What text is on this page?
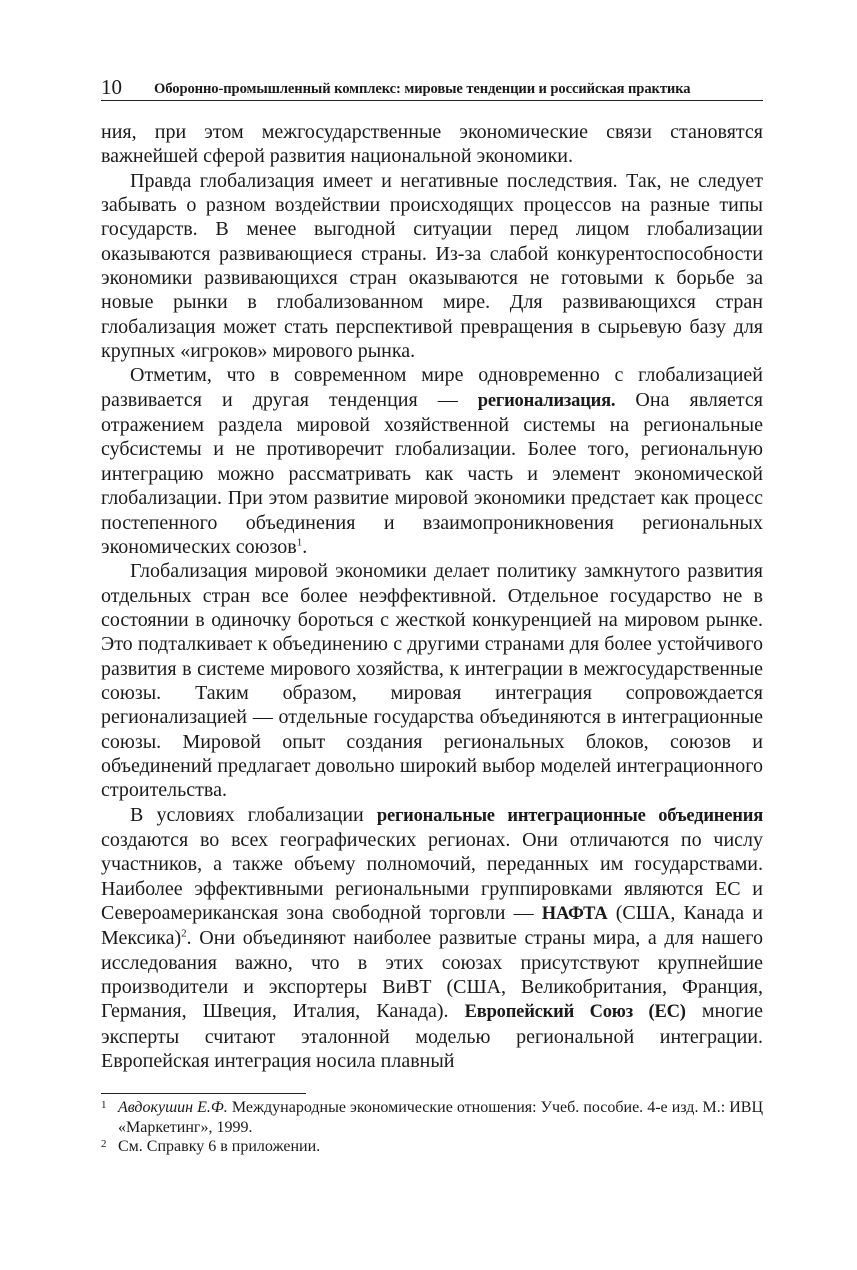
10 Оборонно-промышленный комплекс: мировые тенденции и российская практика

ния, при этом межгосударственные экономические связи становятся важнейшей сферой развития национальной экономики.

Правда глобализация имеет и негативные последствия. Так, не следует забывать о разном воздействии происходящих процессов на разные типы государств. В менее выгодной ситуации перед лицом глобализации оказываются развивающиеся страны. Из-за слабой конкурентоспособности экономики развивающихся стран оказываются не готовыми к борьбе за новые рынки в глобализованном мире. Для развивающихся стран глобализация может стать перспективой превращения в сырьевую базу для крупных «игроков» мирового рынка.

Отметим, что в современном мире одновременно с глобализацией развивается и другая тенденция — регионализация. Она является отражением раздела мировой хозяйственной системы на региональные субсистемы и не противоречит глобализации. Более того, региональную интеграцию можно рассматривать как часть и элемент экономической глобализации. При этом развитие мировой экономики предстает как процесс постепенного объединения и взаимопроникновения региональных экономических союзов$^1$.

Глобализация мировой экономики делает политику замкнутого развития отдельных стран все более неэффективной. Отдельное государство не в состоянии в одиночку бороться с жесткой конкуренцией на мировом рынке. Это подталкивает к объединению с другими странами для более устойчивого развития в системе мирового хозяйства, к интеграции в межгосударственные союзы. Таким образом, мировая интеграция сопровождается регионализацией — отдельные государства объединяются в интеграционные союзы. Мировой опыт создания региональных блоков, союзов и объединений предлагает довольно широкий выбор моделей интеграционного строительства.

В условиях глобализации региональные интеграционные объединения создаются во всех географических регионах. Они отличаются по числу участников, а также объему полномочий, переданных им государствами. Наиболее эффективными региональными группировками являются ЕС и Североамериканская зона свободной торговли — НАФТА (США, Канада и Мексика)$^2$. Они объединяют наиболее развитые страны мира, а для нашего исследования важно, что в этих союзах присутствуют крупнейшие производители и экспортеры ВиВТ (США, Великобритания, Франция, Германия, Швеция, Италия, Канада). Европейский Союз (ЕС) многие эксперты считают эталонной моделью региональной интеграции. Европейская интеграция носила плавный

1 Авдокушин Е.Ф. Международные экономические отношения: Учеб. пособие. 4-е изд. М.: ИВЦ «Маркетинг», 1999.
2 См. Справку 6 в приложении.
